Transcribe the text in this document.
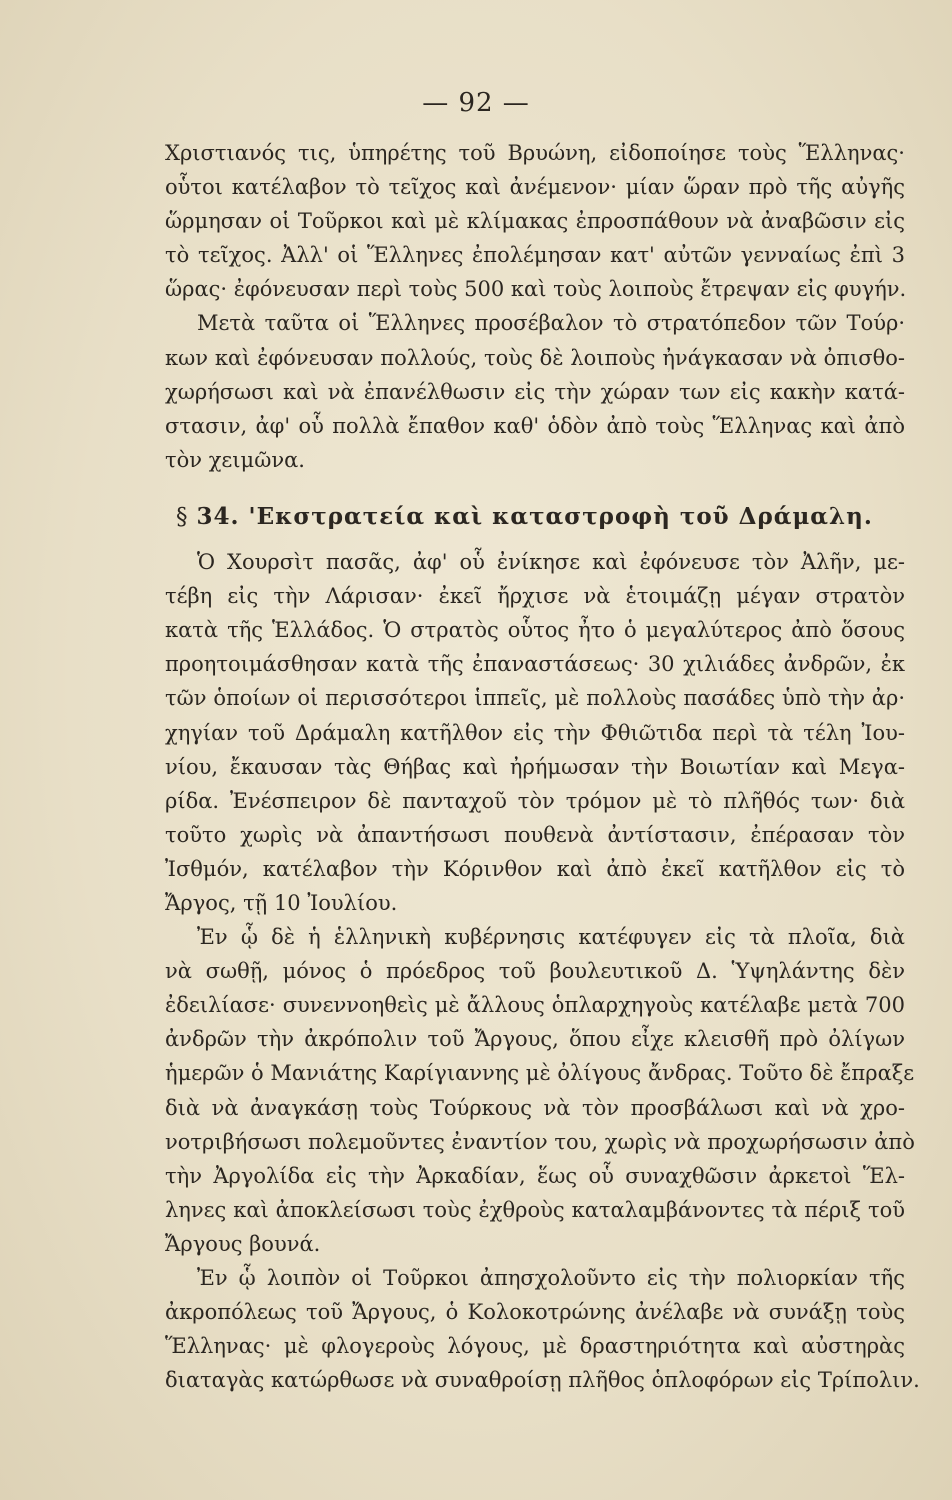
— 92 —
Χριστιανός τις, ὑπηρέτης τοῦ Βρυώνη, εἰδοποίησε τοὺς Ἕλληνας·
οὗτοι κατέλαβον τὸ τεῖχος καὶ ἀνέμενον· μίαν ὥραν πρὸ τῆς αὐγῆς
ὥρμησαν οἱ Τοῦρκοι καὶ μὲ κλίμακας ἐπροσπάθουν νὰ ἀναβῶσιν εἰς
τὸ τεῖχος. Ἀλλ' οἱ Ἕλληνες ἐπολέμησαν κατ' αὐτῶν γενναίως ἐπὶ 3
ὥρας· ἐφόνευσαν περὶ τοὺς 500 καὶ τοὺς λοιποὺς ἔτρεψαν εἰς φυγήν.
Μετὰ ταῦτα οἱ Ἕλληνες προσέβαλον τὸ στρατόπεδον τῶν Τούρ·
κων καὶ ἐφόνευσαν πολλούς, τοὺς δὲ λοιποὺς ἠνάγκασαν νὰ ὀπισθο-
χωρήσωσι καὶ νὰ ἐπανέλθωσιν εἰς τὴν χώραν των εἰς κακὴν κατά-
στασιν, ἀφ' οὗ πολλὰ ἔπαθον καθ' ὁδὸν ἀπὸ τοὺς Ἕλληνας καὶ ἀπὸ
τὸν χειμῶνα.
§ 34. 'Εκστρατεία καὶ καταστροφὴ τοῦ Δράμαλη.
Ὁ Χουρσὶτ πασᾶς, ἀφ' οὗ ἐνίκησε καὶ ἐφόνευσε τὸν Ἀλῆν, με-
τέβη εἰς τὴν Λάρισαν· ἐκεῖ ἤρχισε νὰ ἑτοιμάζῃ μέγαν στρατὸν
κατὰ τῆς Ἑλλάδος. Ὁ στρατὸς οὗτος ἦτο ὁ μεγαλύτερος ἀπὸ ὅσους
προητοιμάσθησαν κατὰ τῆς ἐπαναστάσεως· 30 χιλιάδες ἀνδρῶν, ἐκ
τῶν ὁποίων οἱ περισσότεροι ἱππεῖς, μὲ πολλοὺς πασάδες ὑπὸ τὴν ἀρ·
χηγίαν τοῦ Δράμαλη κατῆλθον εἰς τὴν Φθιῶτιδα περὶ τὰ τέλη Ἰου-
νίου, ἔκαυσαν τὰς Θήβας καὶ ἠρήμωσαν τὴν Βοιωτίαν καὶ Μεγα-
ρίδα. Ἐνέσπειρον δὲ πανταχοῦ τὸν τρόμον μὲ τὸ πλῆθός των· διὰ
τοῦτο χωρὶς νὰ ἀπαντήσωσι πουθενὰ ἀντίστασιν, ἐπέρασαν τὸν
Ἰσθμόν, κατέλαβον τὴν Κόρινθον καὶ ἀπὸ ἐκεῖ κατῆλθον εἰς τὸ
Ἄργος, τῇ 10 Ἰουλίου.
Ἐν ᾧ δὲ ἡ ἑλληνικὴ κυβέρνησις κατέφυγεν εἰς τὰ πλοῖα, διὰ
νὰ σωθῇ, μόνος ὁ πρόεδρος τοῦ βουλευτικοῦ Δ. Ὑψηλάντης δὲν
ἐδειλίασε· συνεννοηθεὶς μὲ ἄλλους ὁπλαρχηγοὺς κατέλαβε μετὰ 700
ἀνδρῶν τὴν ἀκρόπολιν τοῦ Ἄργους, ὅπου εἶχε κλεισθῆ πρὸ ὀλίγων
ἡμερῶν ὁ Μανιάτης Καρίγιαννης μὲ ὀλίγους ἄνδρας. Τοῦτο δὲ ἔπραξε
διὰ νὰ ἀναγκάσῃ τοὺς Τούρκους νὰ τὸν προσβάλωσι καὶ νὰ χρο-
νοτριβήσωσι πολεμοῦντες ἐναντίον του, χωρὶς νὰ προχωρήσωσιν ἀπὸ
τὴν Ἀργολίδα εἰς τὴν Ἀρκαδίαν, ἕως οὗ συναχθῶσιν ἀρκετοὶ Ἕλ-
ληνες καὶ ἀποκλείσωσι τοὺς ἐχθροὺς καταλαμβάνοντες τὰ πέριξ τοῦ
Ἄργους βουνά.
Ἐν ᾧ λοιπὸν οἱ Τοῦρκοι ἀπησχολοῦντο εἰς τὴν πολιορκίαν τῆς
ἀκροπόλεως τοῦ Ἄργους, ὁ Κολοκοτρώνης ἀνέλαβε νὰ συνάξῃ τοὺς
Ἕλληνας· μὲ φλογεροὺς λόγους, μὲ δραστηριότητα καὶ αὐστηρὰς
διαταγὰς κατώρθωσε νὰ συναθροίσῃ πλῆθος ὁπλοφόρων εἰς Τρίπολιν.
